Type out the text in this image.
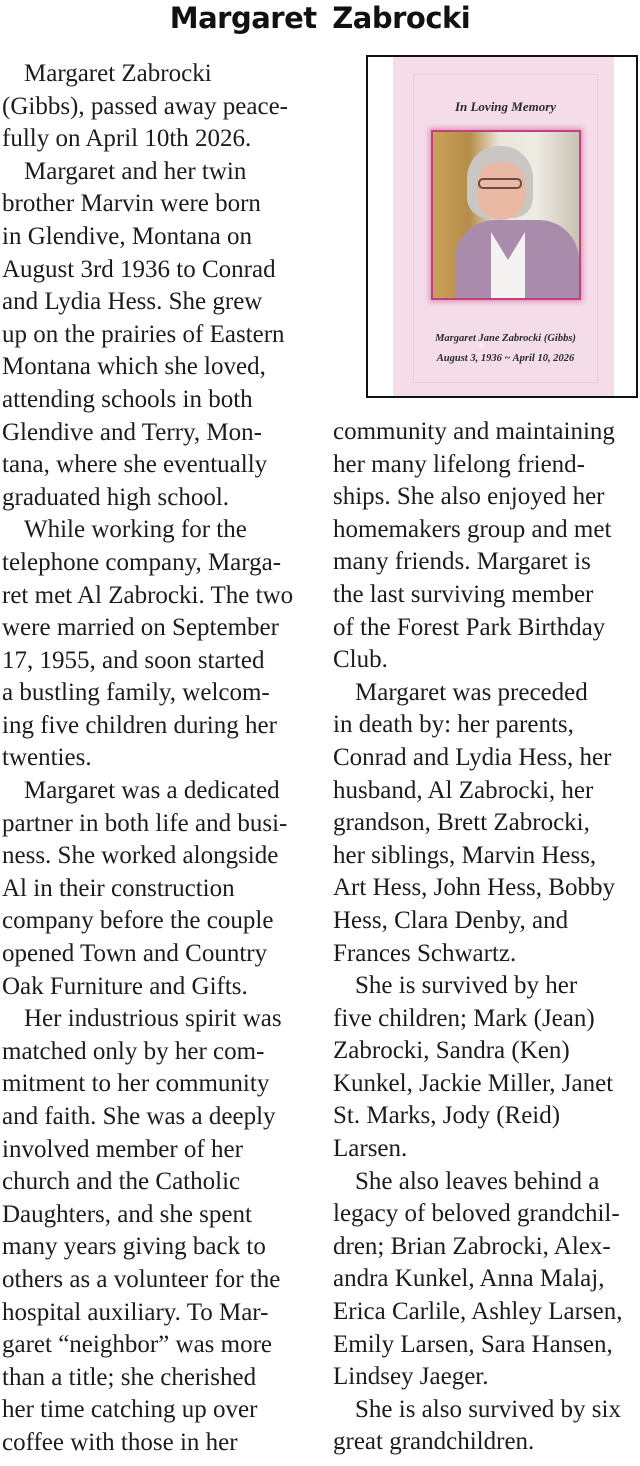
Margaret Zabrocki
Margaret Zabrocki
(Gibbs), passed away peace-
fully on April 10th 2026.
Margaret and her twin
brother Marvin were born
in Glendive, Montana on
August 3rd 1936 to Conrad
and Lydia Hess. She grew
up on the prairies of Eastern
Montana which she loved,
attending schools in both
Glendive and Terry, Mon-
tana, where she eventually
graduated high school.
While working for the
telephone company, Marga-
ret met Al Zabrocki. The two
were married on September
17, 1955, and soon started
a bustling family, welcom-
ing five children during her
twenties.
Margaret was a dedicated
partner in both life and busi-
ness. She worked alongside
Al in their construction
company before the couple
opened Town and Country
Oak Furniture and Gifts.
Her industrious spirit was
matched only by her com-
mitment to her community
and faith. She was a deeply
involved member of her
church and the Catholic
Daughters, and she spent
many years giving back to
others as a volunteer for the
hospital auxiliary. To Mar-
garet “neighbor” was more
than a title; she cherished
her time catching up over
coffee with those in her
In Loving Memory
Margaret Jane Zabrocki (Gibbs)
August 3, 1936 ~ April 10, 2026
community and maintaining
her many lifelong friend-
ships. She also enjoyed her
homemakers group and met
many friends. Margaret is
the last surviving member
of the Forest Park Birthday
Club.
Margaret was preceded
in death by: her parents,
Conrad and Lydia Hess, her
husband, Al Zabrocki, her
grandson, Brett Zabrocki,
her siblings, Marvin Hess,
Art Hess, John Hess, Bobby
Hess, Clara Denby, and
Frances Schwartz.
She is survived by her
five children; Mark (Jean)
Zabrocki, Sandra (Ken)
Kunkel, Jackie Miller, Janet
St. Marks, Jody (Reid)
Larsen.
She also leaves behind a
legacy of beloved grandchil-
dren; Brian Zabrocki, Alex-
andra Kunkel, Anna Malaj,
Erica Carlile, Ashley Larsen,
Emily Larsen, Sara Hansen,
Lindsey Jaeger.
She is also survived by six
great grandchildren.
